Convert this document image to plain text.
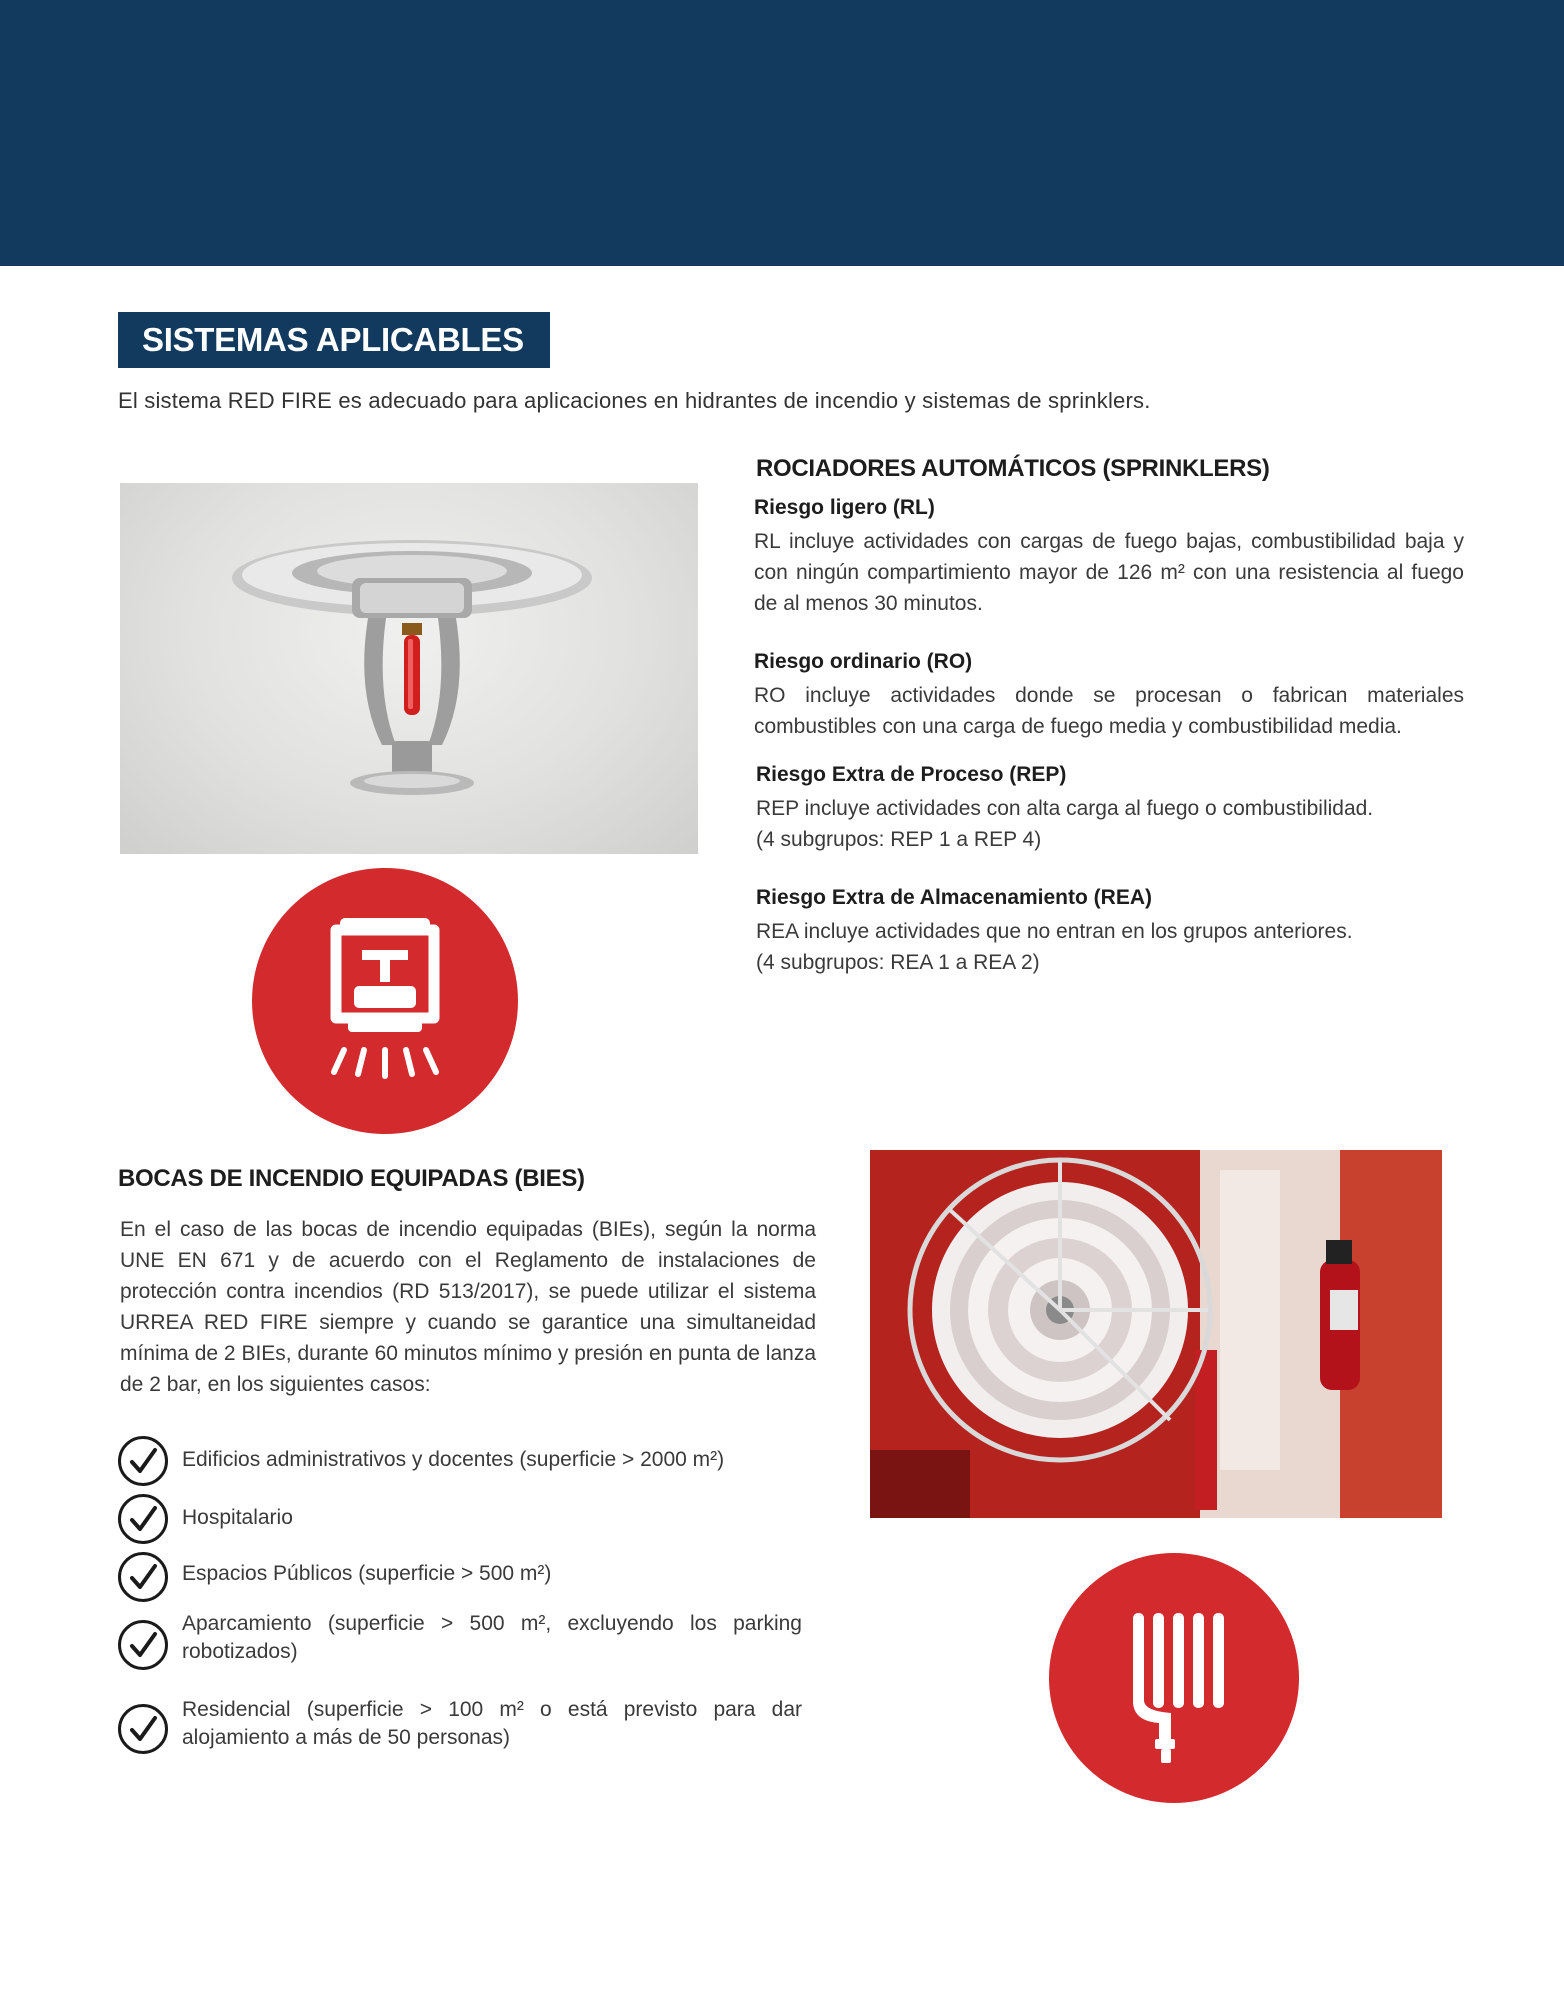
SISTEMAS APLICABLES
El sistema RED FIRE es adecuado para aplicaciones en hidrantes de incendio y sistemas de sprinklers.
ROCIADORES AUTOMÁTICOS (SPRINKLERS)
Riesgo ligero (RL)
RL incluye actividades con cargas de fuego bajas, combustibilidad baja y con ningún compartimiento mayor de 126 m² con una resistencia al fuego de al menos 30 minutos.
Riesgo ordinario (RO)
RO incluye actividades donde se procesan o fabrican materiales combustibles con una carga de fuego media y combustibilidad media.
Riesgo Extra de Proceso (REP)
REP incluye actividades con alta carga al fuego o combustibilidad.
(4 subgrupos: REP 1 a REP 4)
Riesgo Extra de Almacenamiento (REA)
REA incluye actividades que no entran en los grupos anteriores.
(4 subgrupos: REA 1 a REA 2)
BOCAS DE INCENDIO EQUIPADAS (BIES)
En el caso de las bocas de incendio equipadas (BIEs), según la norma UNE EN 671 y de acuerdo con el Reglamento de instalaciones de protección contra incendios (RD 513/2017), se puede utilizar el sistema URREA RED FIRE siempre y cuando se garantice una simultaneidad mínima de 2 BIEs, durante 60 minutos mínimo y presión en punta de lanza de 2 bar, en los siguientes casos:
Edificios administrativos y docentes (superficie > 2000 m²)
Hospitalario
Espacios Públicos (superficie > 500 m²)
Aparcamiento (superficie > 500 m², excluyendo los parking robotizados)
Residencial (superficie > 100 m² o está previsto para dar alojamiento a más de 50 personas)
